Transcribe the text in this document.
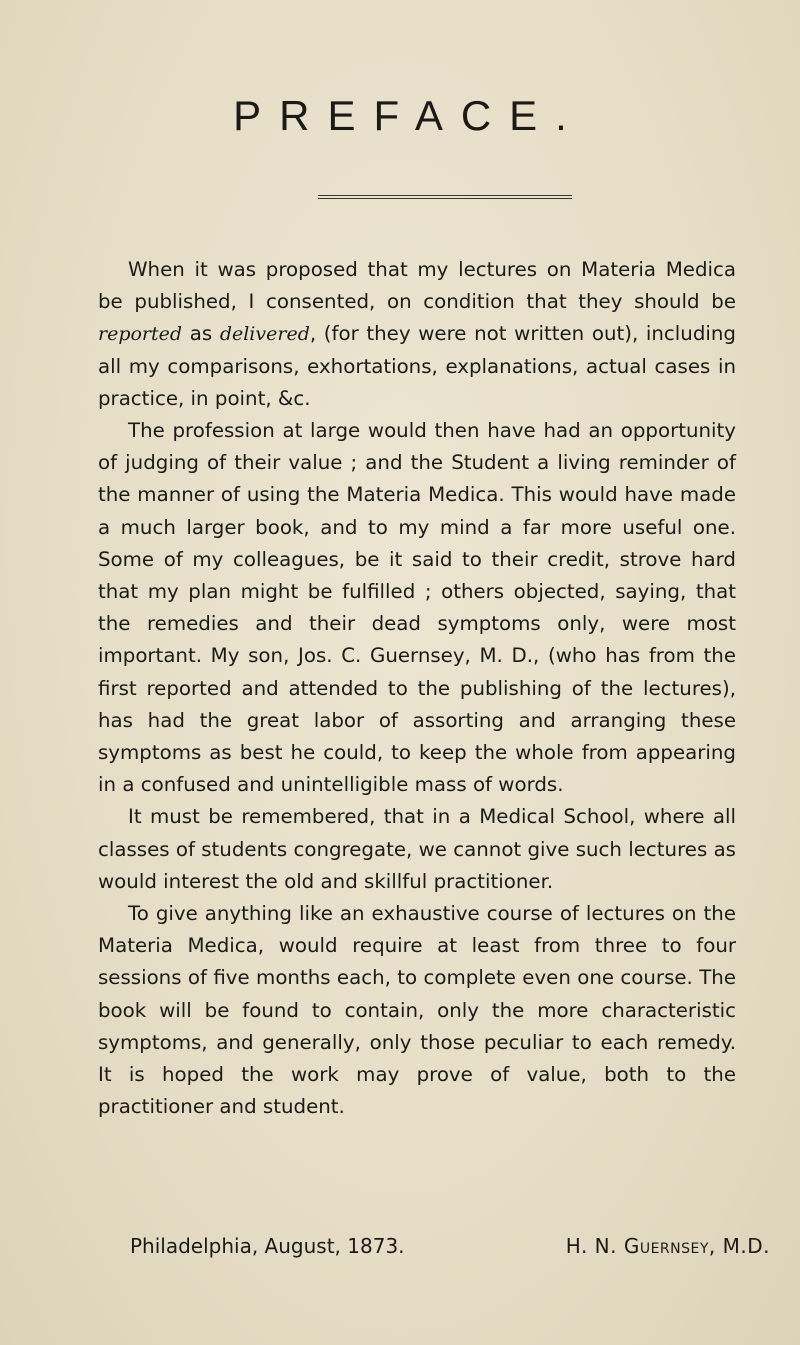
PREFACE.

When it was proposed that my lectures on Materia Medica be published, I consented, on condition that they should be reported as delivered, (for they were not written out), including all my comparisons, exhortations, explanations, actual cases in practice, in point, &c.

The profession at large would then have had an opportunity of judging of their value ; and the Student a living reminder of the manner of using the Materia Medica. This would have made a much larger book, and to my mind a far more useful one. Some of my colleagues, be it said to their credit, strove hard that my plan might be fulfilled ; others objected, saying, that the remedies and their dead symptoms only, were most important. My son, Jos. C. Guernsey, M. D., (who has from the first reported and attended to the publishing of the lectures), has had the great labor of assorting and arranging these symptoms as best he could, to keep the whole from appearing in a confused and unintelligible mass of words.

It must be remembered, that in a Medical School, where all classes of students congregate, we cannot give such lectures as would interest the old and skillful practitioner.

To give anything like an exhaustive course of lectures on the Materia Medica, would require at least from three to four sessions of five months each, to complete even one course. The book will be found to contain, only the more characteristic symptoms, and generally, only those peculiar to each remedy. It is hoped the work may prove of value, both to the practitioner and student.

Philadelphia, August, 1873.	H. N. Guernsey, M.D.
